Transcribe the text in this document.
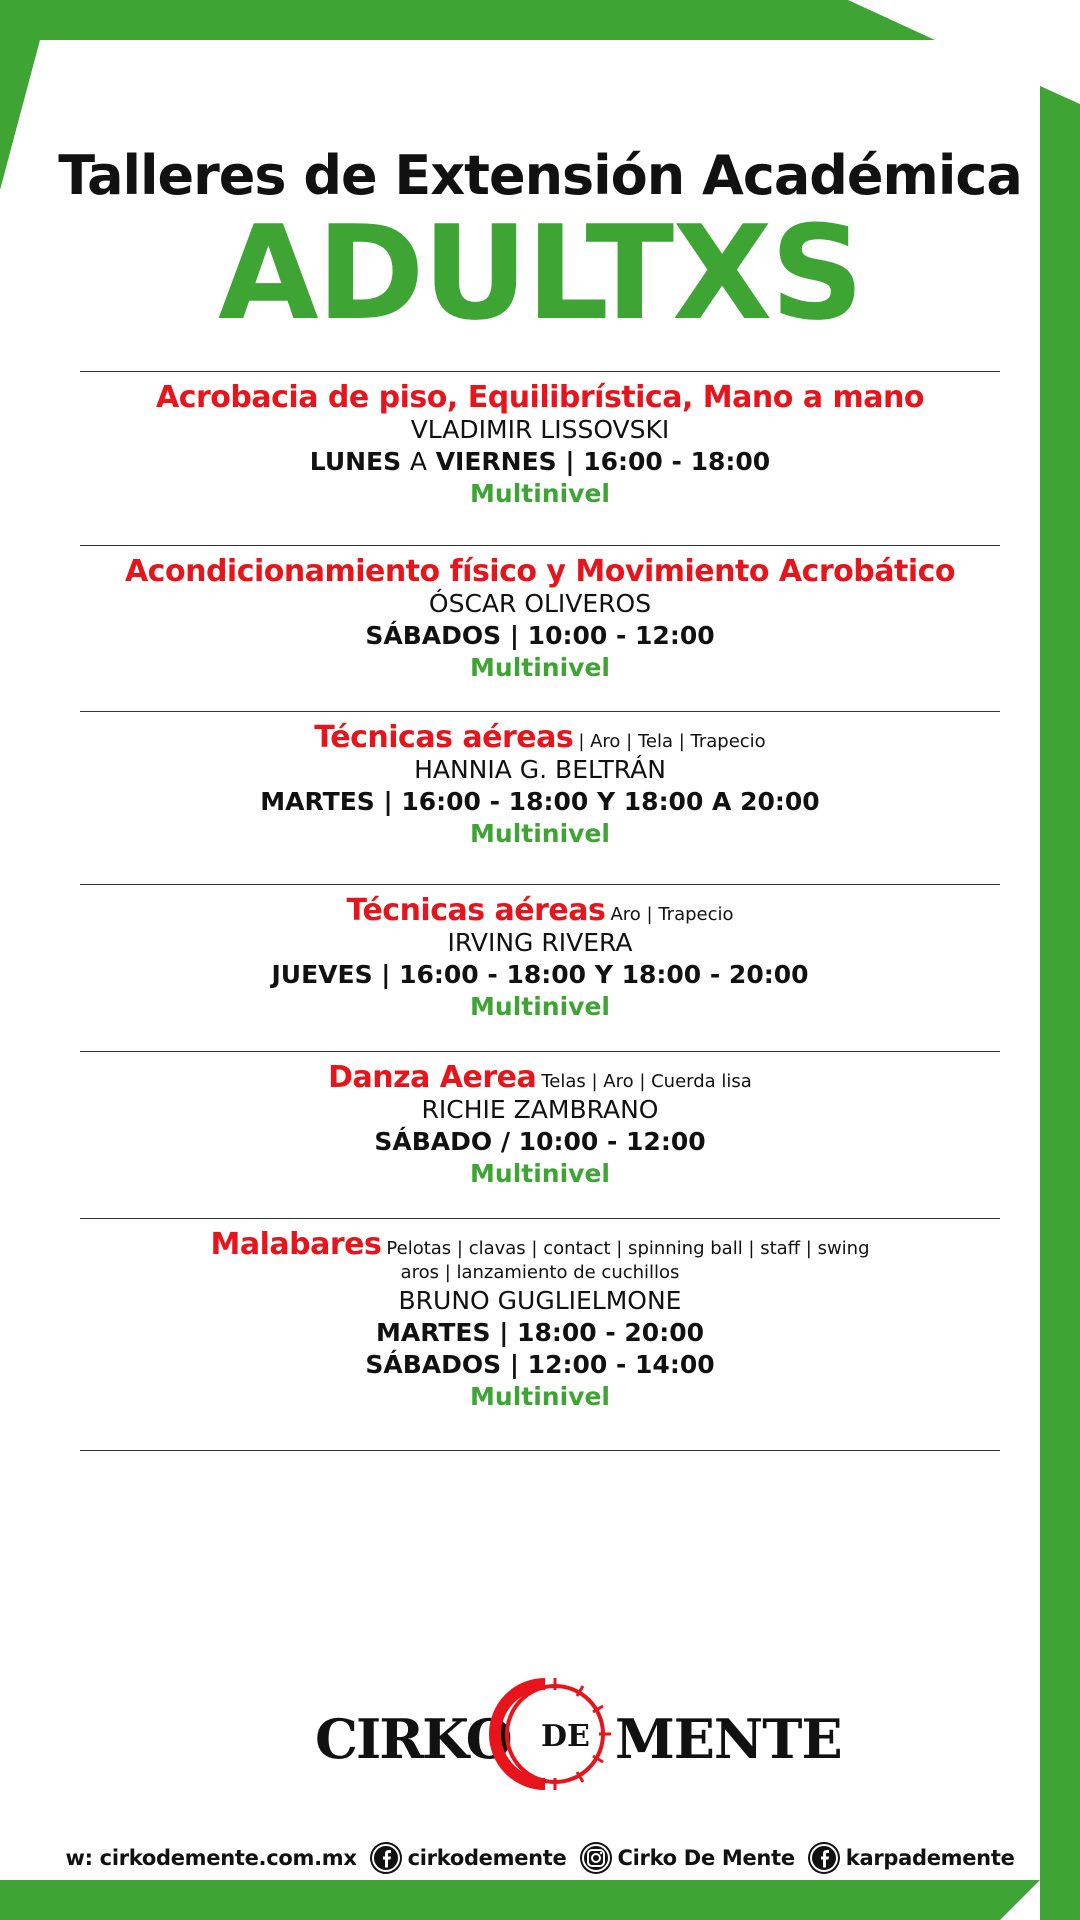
Talleres de Extensión Académica
ADULTXS
Acrobacia de piso, Equilibrística, Mano a mano
VLADIMIR LISSOVSKI
LUNES A VIERNES | 16:00 - 18:00
Multinivel
Acondicionamiento físico y Movimiento Acrobático
ÓSCAR OLIVEROS
SÁBADOS | 10:00 - 12:00
Multinivel
Técnicas aéreas | Aro | Tela | Trapecio
HANNIA G. BELTRÁN
MARTES | 16:00 - 18:00 Y 18:00 A 20:00
Multinivel
Técnicas aéreas Aro | Trapecio
IRVING RIVERA
JUEVES | 16:00 - 18:00 Y 18:00 - 20:00
Multinivel
Danza Aerea Telas | Aro | Cuerda lisa
RICHIE ZAMBRANO
SÁBADO / 10:00 - 12:00
Multinivel
Malabares Pelotas | clavas | contact | spinning ball | staff | swing
aros | lanzamiento de cuchillos
BRUNO GUGLIELMONE
MARTES | 18:00 - 20:00
SÁBADOS | 12:00 - 14:00
Multinivel
CIRKO DE MENTE
w: cirkodemente.com.mx cirkodemente
Cirko De Mente
karpademente
